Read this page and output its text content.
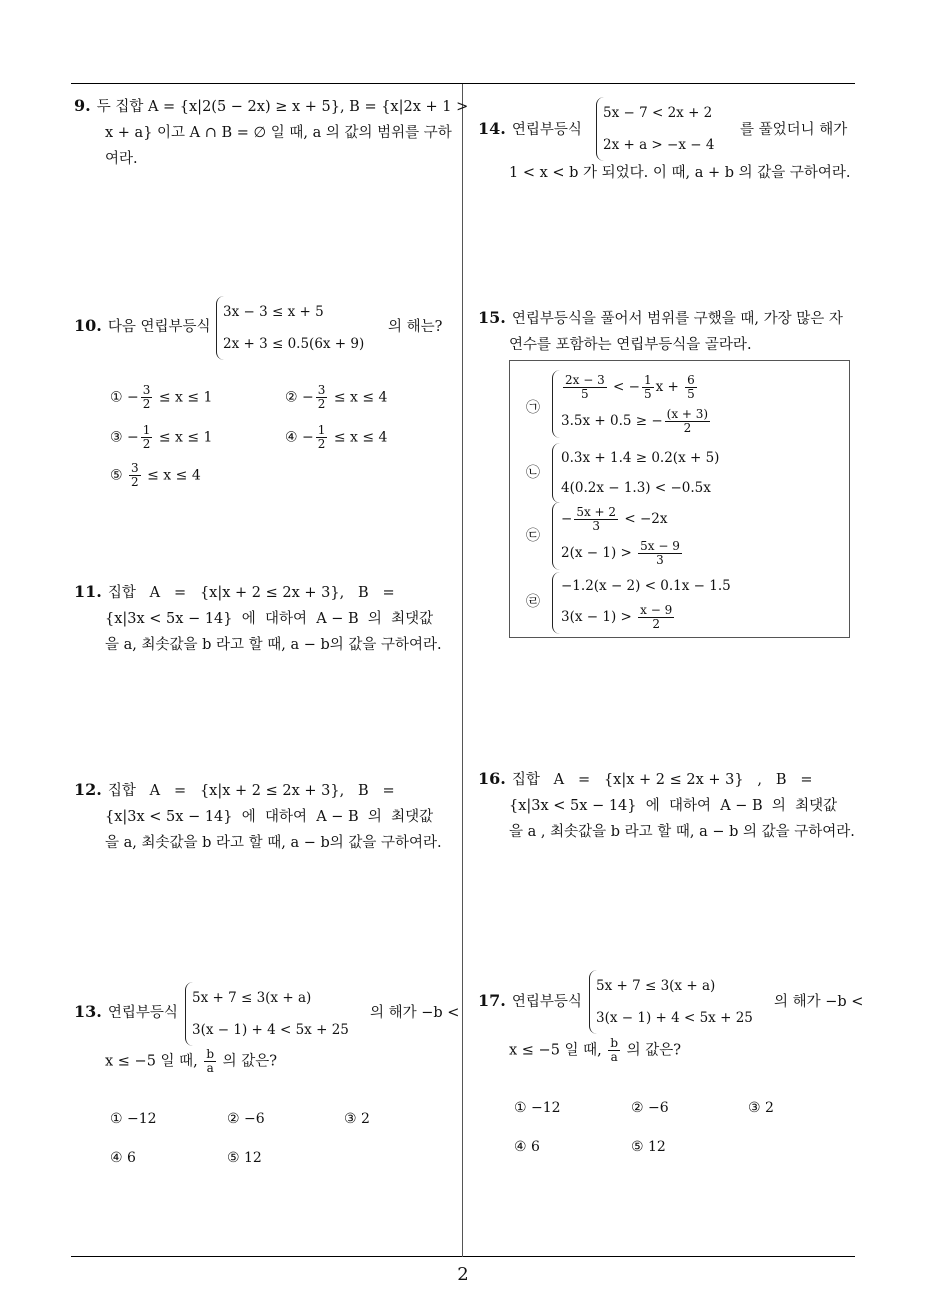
9. 두 집합 A = {x|2(5 − 2x) ≥ x + 5}, B = {x|2x + 1 >
x + a} 이고 A ∩ B = ∅ 일 때, a 의 값의 범위를 구하
여라.
10. 다음 연립부등식
3x − 3 ≤ x + 5
2x + 3 ≤ 0.5(6x + 9)
의 해는?
① − $\frac{3}{2} \le x \le 1$	② − $\frac{3}{2} \le x \le 4$
③ − $\frac{1}{2} \le x \le 1$	④ − $\frac{1}{2} \le x \le 4$
⑤ $\frac{3}{2} \le x \le 4$
11. 집합   A   =   {x|x + 2 ≤ 2x + 3},   B   =
{x|3x < 5x − 14}  에  대하여  A − B  의  최댓값
을 a, 최솟값을 b 라고 할 때, a − b의 값을 구하여라.
12. 집합   A   =   {x|x + 2 ≤ 2x + 3},   B   =
{x|3x < 5x − 14}  에  대하여  A − B  의  최댓값
을 a, 최솟값을 b 라고 할 때, a − b의 값을 구하여라.
13. 연립부등식
5x + 7 ≤ 3(x + a)
3(x − 1) + 4 < 5x + 25
의 해가 −b <
x ≤ −5 일 때, $\frac{b}{a}$ 의 값은?
① −12	② −6	③ 2
④ 6	⑤ 12
14. 연립부등식
5x − 7 < 2x + 2
2x + a > −x − 4
를 풀었더니 해가
1 < x < b 가 되었다. 이 때, a + b 의 값을 구하여라.
15. 연립부등식을 풀어서 범위를 구했을 때, 가장 많은 자
연수를 포함하는 연립부등식을 골라라.
㉠
$\frac{2x - 3}{5}$ < − $\frac{1}{5}$ $x + \frac{6}{5}$
3.5x + 0.5 ≥ − $\frac{(x + 3)}{2}$
㉡
0.3x + 1.4 ≥ 0.2(x + 5)
4(0.2x − 1.3) < −0.5x
㉢
− $\frac{5x + 2}{3} < -2x$
$2(x - 1) > \frac{5x - 9}{3}$
㉣
−1.2(x − 2) < 0.1x − 1.5
$3(x - 1) > \frac{x - 9}{2}$
16. 집합   A   =   {x|x + 2 ≤ 2x + 3}   ,   B   =
{x|3x < 5x − 14}  에  대하여  A − B  의  최댓값
을 a , 최솟값을 b 라고 할 때, a − b 의 값을 구하여라.
17. 연립부등식
5x + 7 ≤ 3(x + a)
3(x − 1) + 4 < 5x + 25
의 해가 −b <
x ≤ −5 일 때, $\frac{b}{a}$ 의 값은?
① −12	② −6	③ 2
④ 6	⑤ 12
2
